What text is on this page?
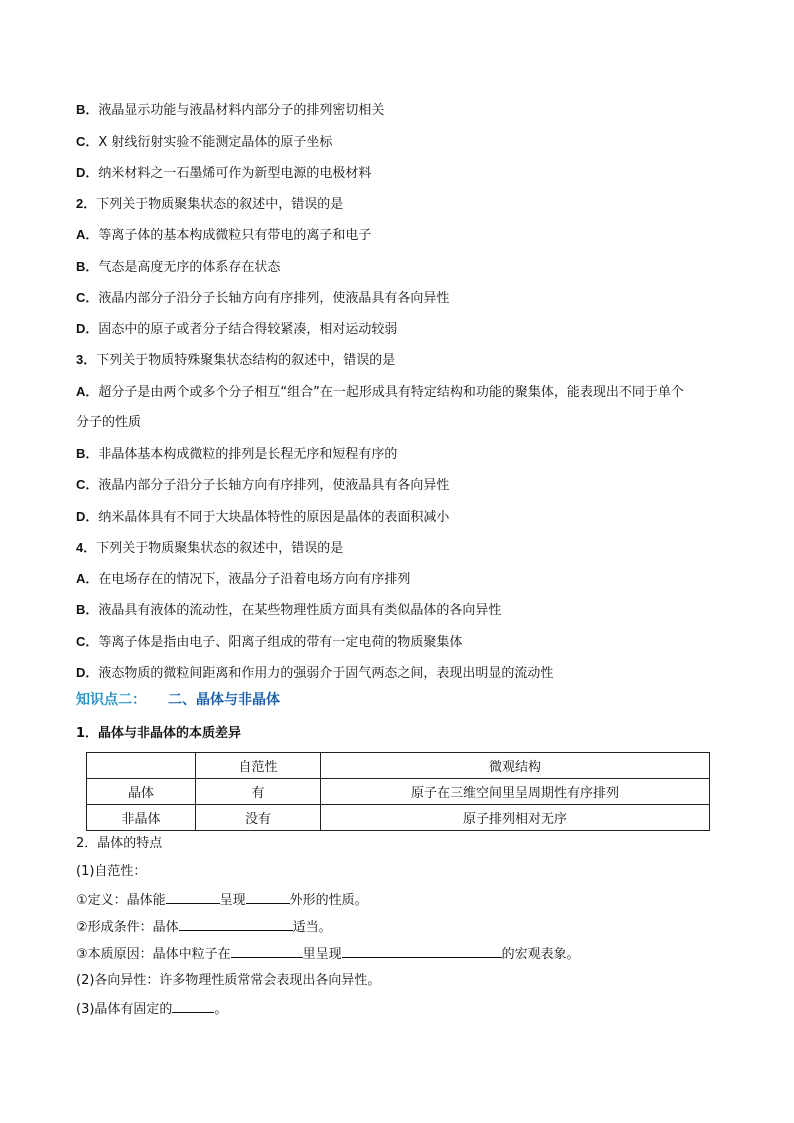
B．液晶显示功能与液晶材料内部分子的排列密切相关
C．X 射线衍射实验不能测定晶体的原子坐标
D．纳米材料之一石墨烯可作为新型电源的电极材料
2．下列关于物质聚集状态的叙述中，错误的是
A．等离子体的基本构成微粒只有带电的离子和电子
B．气态是高度无序的体系存在状态
C．液晶内部分子沿分子长轴方向有序排列，使液晶具有各向异性
D．固态中的原子或者分子结合得较紧凑，相对运动较弱
3．下列关于物质特殊聚集状态结构的叙述中，错误的是
A．超分子是由两个或多个分子相互“组合”在一起形成具有特定结构和功能的聚集体，能表现出不同于单个
分子的性质
B．非晶体基本构成微粒的排列是长程无序和短程有序的
C．液晶内部分子沿分子长轴方向有序排列，使液晶具有各向异性
D．纳米晶体具有不同于大块晶体特性的原因是晶体的表面积减小
4．下列关于物质聚集状态的叙述中，错误的是
A．在电场存在的情况下，液晶分子沿着电场方向有序排列
B．液晶具有液体的流动性，在某些物理性质方面具有类似晶体的各向异性
C．等离子体是指由电子、阳离子组成的带有一定电荷的物质聚集体
D．液态物质的微粒间距离和作用力的强弱介于固气两态之间，表现出明显的流动性
知识点二： 二、晶体与非晶体
1．晶体与非晶体的本质差异
	自范性	微观结构
晶体	有	原子在三维空间里呈周期性有序排列
非晶体	没有	原子排列相对无序
2．晶体的特点
(1)自范性：
①定义：晶体能	呈现	外形的性质。
②形成条件：晶体	适当。
③本质原因：晶体中粒子在	里呈现	的宏观表象。
(2)各向异性：许多物理性质常常会表现出各向异性。
(3)晶体有固定的	。
